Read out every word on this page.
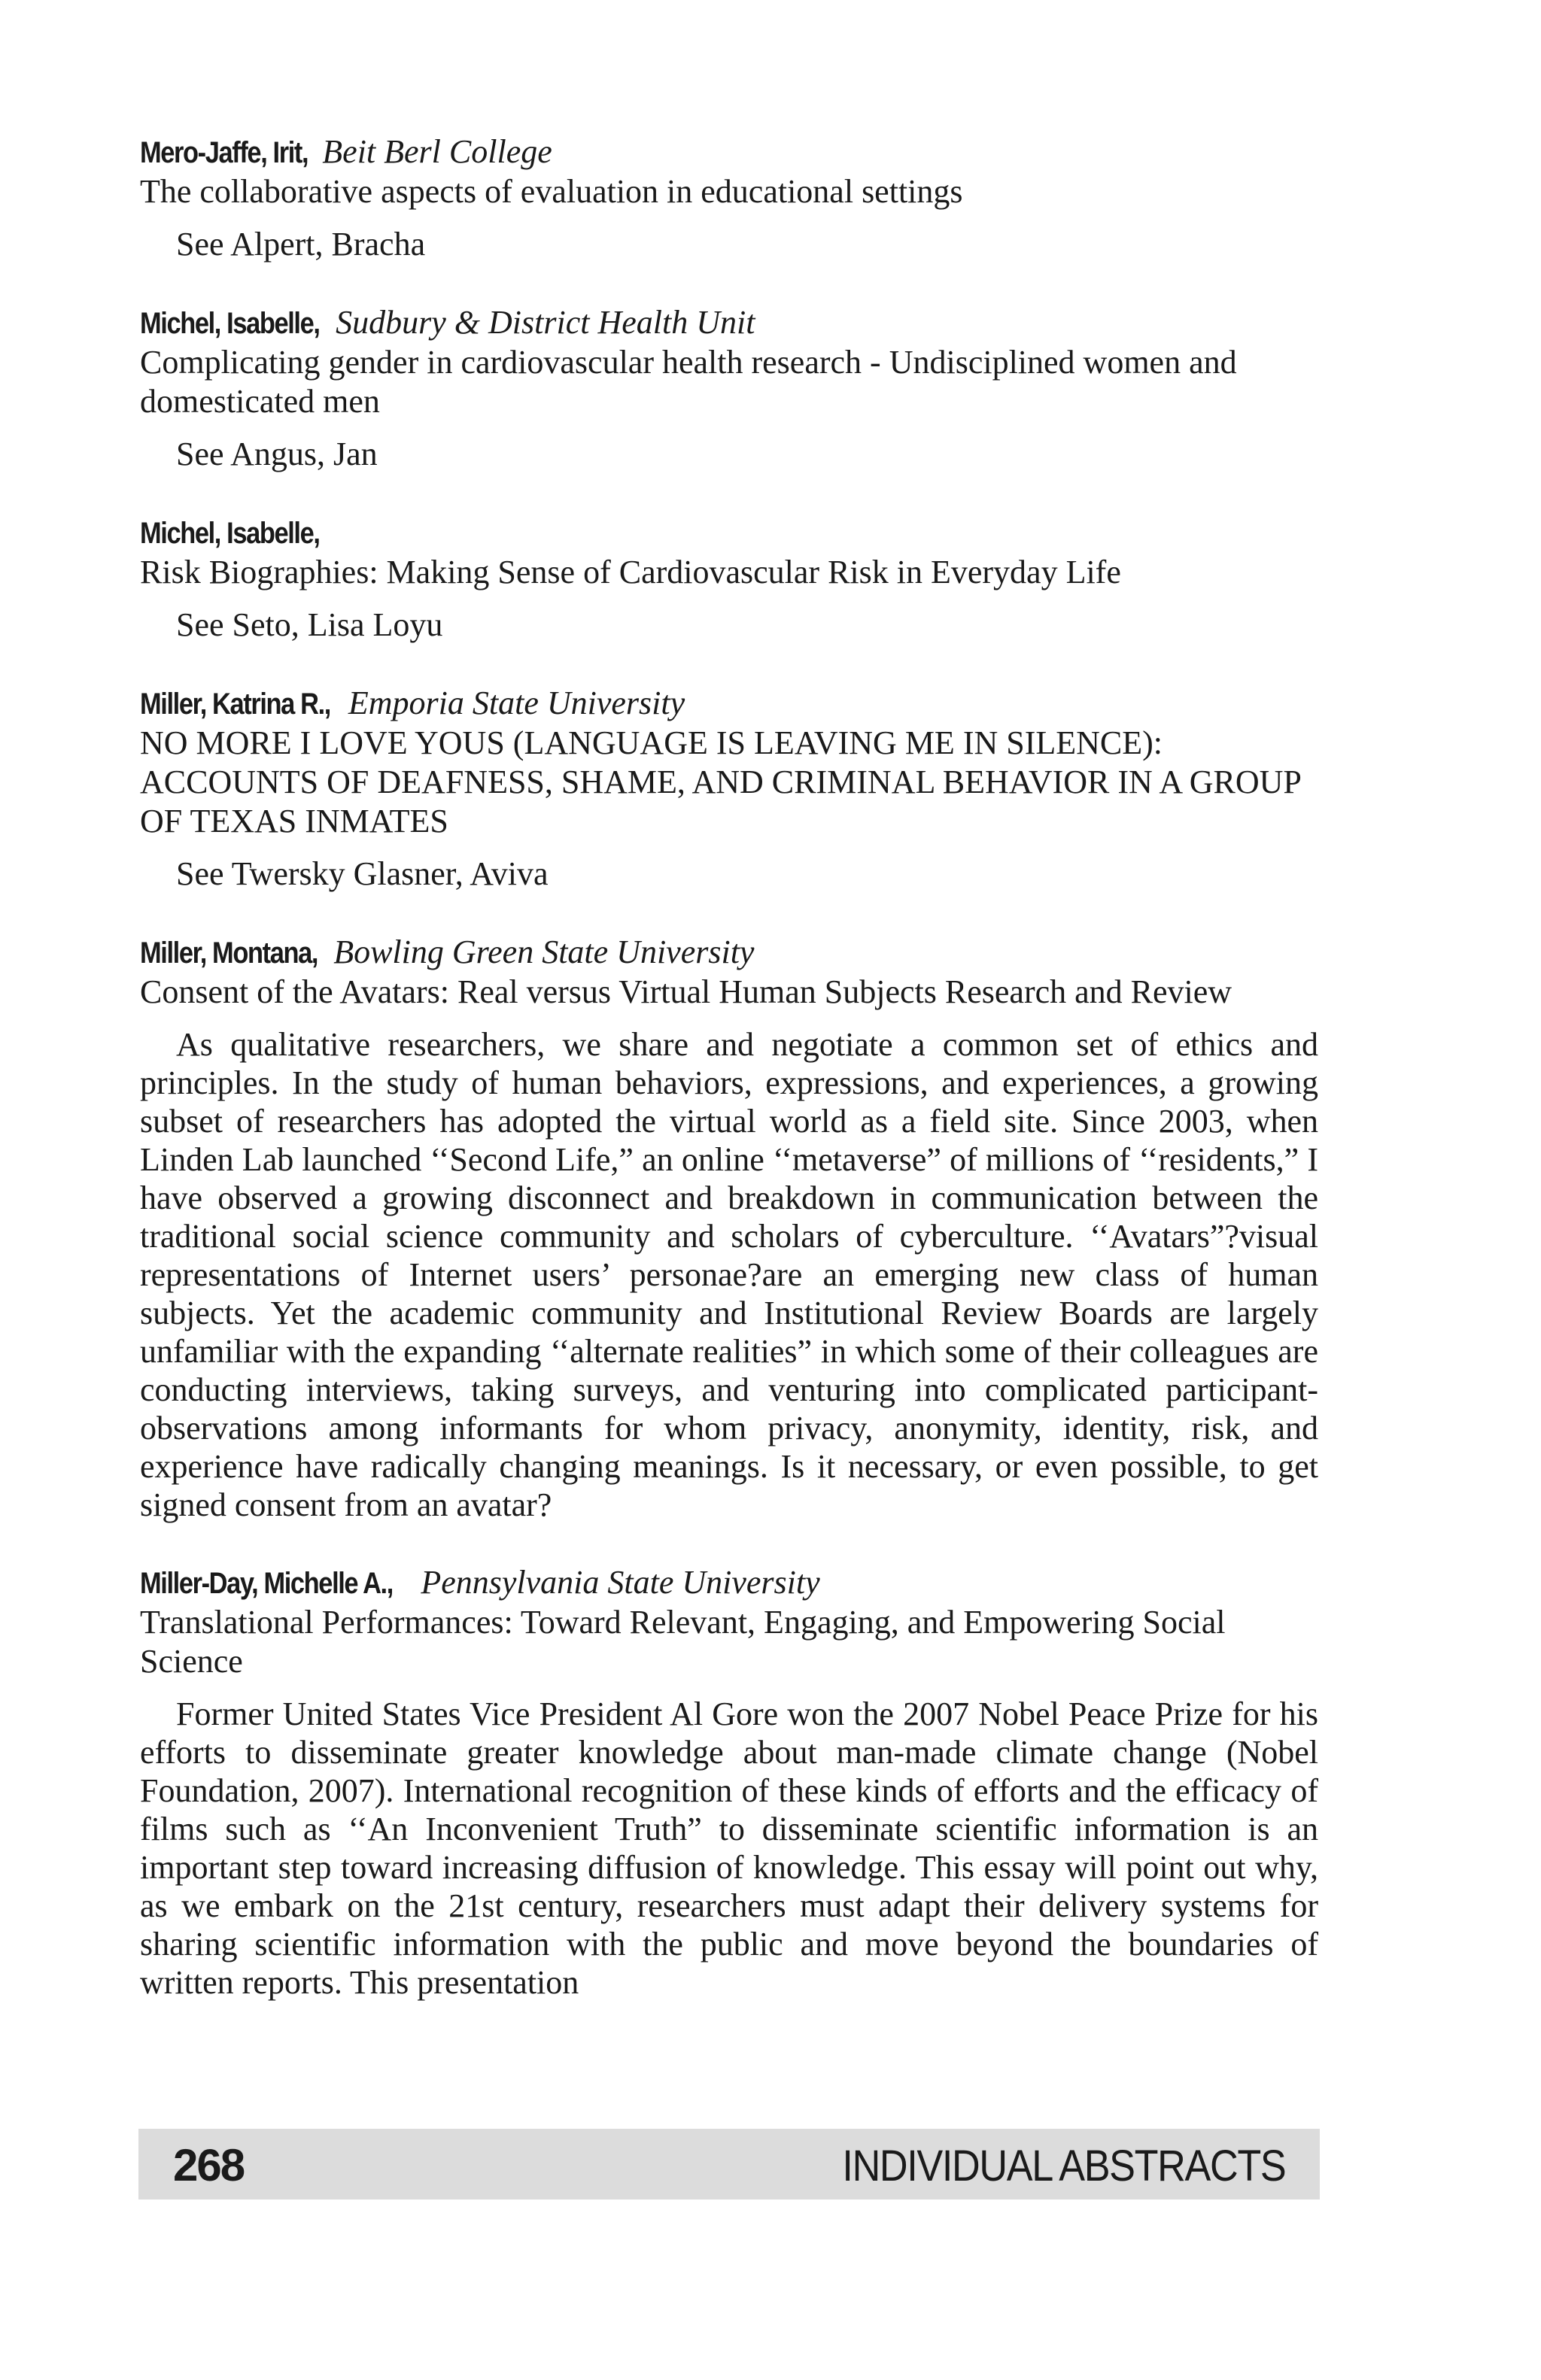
Mero-Jaffe, Irit, Beit Berl College
The collaborative aspects of evaluation in educational settings
See Alpert, Bracha
Michel, Isabelle, Sudbury & District Health Unit
Complicating gender in cardiovascular health research - Undisciplined women and domesticated men
See Angus, Jan
Michel, Isabelle,
Risk Biographies: Making Sense of Cardiovascular Risk in Everyday Life
See Seto, Lisa Loyu
Miller, Katrina R., Emporia State University
NO MORE I LOVE YOUS (LANGUAGE IS LEAVING ME IN SILENCE): ACCOUNTS OF DEAFNESS, SHAME, AND CRIMINAL BEHAVIOR IN A GROUP OF TEXAS INMATES
See Twersky Glasner, Aviva
Miller, Montana, Bowling Green State University
Consent of the Avatars: Real versus Virtual Human Subjects Research and Review
As qualitative researchers, we share and negotiate a common set of ethics and principles. In the study of human behaviors, expressions, and experiences, a growing subset of researchers has adopted the virtual world as a field site. Since 2003, when Linden Lab launched ‘‘Second Life,” an online ‘‘metaverse” of millions of ‘‘residents,” I have observed a growing disconnect and breakdown in communication between the traditional social science community and scholars of cyberculture. ‘‘Avatars”?visual representations of Internet users’ personae?are an emerging new class of human subjects. Yet the academic community and Institutional Review Boards are largely unfamiliar with the expanding ‘‘alternate realities” in which some of their colleagues are conducting interviews, taking surveys, and venturing into complicated participant-observations among informants for whom privacy, anonymity, identity, risk, and experience have radically changing meanings. Is it necessary, or even possible, to get signed consent from an avatar?
Miller-Day, Michelle A., Pennsylvania State University
Translational Performances: Toward Relevant, Engaging, and Empowering Social Science
Former United States Vice President Al Gore won the 2007 Nobel Peace Prize for his efforts to disseminate greater knowledge about man-made climate change (Nobel Foundation, 2007). International recognition of these kinds of efforts and the efficacy of films such as ‘‘An Inconvenient Truth” to disseminate scientific information is an important step toward increasing diffusion of knowledge. This essay will point out why, as we embark on the 21st century, researchers must adapt their delivery systems for sharing scientific information with the public and move beyond the boundaries of written reports. This presentation
268	INDIVIDUAL ABSTRACTS
